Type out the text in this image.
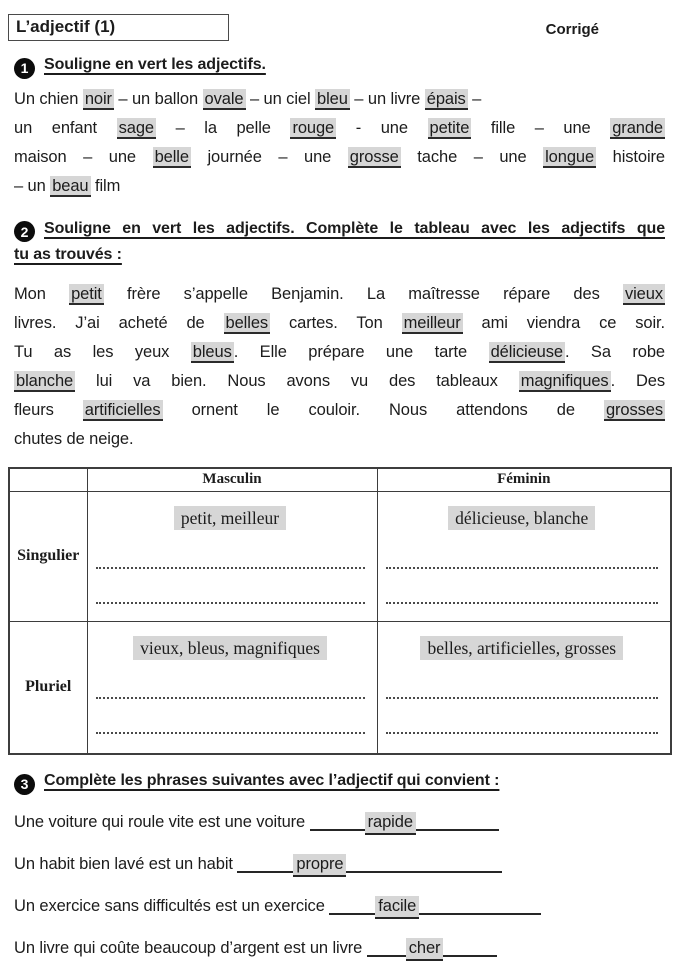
L’adjectif (1)	Corrigé
1 Souligne en vert les adjectifs.
Un chien noir – un ballon ovale – un ciel bleu – un livre épais –
un enfant sage – la pelle rouge - une petite fille – une grande
maison – une belle journée – une grosse tache – une longue histoire
– un beau film
2 Souligne en vert les adjectifs. Complète le tableau avec les adjectifs que
tu as trouvés :
Mon petit frère s’appelle Benjamin. La maîtresse répare des vieux
livres. J’ai acheté de belles cartes. Ton meilleur ami viendra ce soir.
Tu as les yeux bleus . Elle prépare une tarte délicieuse . Sa robe
blanche lui va bien. Nous avons vu des tableaux magnifiques . Des
fleurs artificielles ornent le couloir. Nous attendons de grosses
chutes de neige.
	Masculin	Féminin
Singulier	petit, meilleur	délicieuse, blanche

Pluriel	vieux, bleus, magnifiques	belles, artificielles, grosses
3 Complète les phrases suivantes avec l’adjectif qui convient :
Une voiture qui roule vite est une voiture	rapide
Un habit bien lavé est un habit	propre
Un exercice sans difficultés est un exercice	facile
Un livre qui coûte beaucoup d’argent est un livre	cher
